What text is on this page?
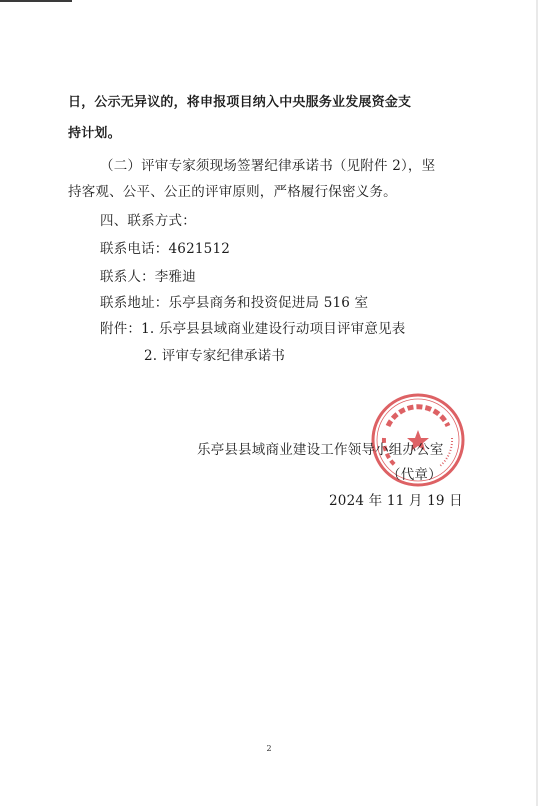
日，公示无异议的，将申报项目纳入中央服务业发展资金支
持计划。
（二）评审专家须现场签署纪律承诺书（见附件 2），坚
持客观、公平、公正的评审原则，严格履行保密义务。
四、联系方式：
联系电话：4621512
联系人：李雅迪
联系地址：乐亭县商务和投资促进局 516 室
附件：1. 乐亭县县域商业建设行动项目评审意见表
2. 评审专家纪律承诺书
乐亭县县域商业建设工作领导小组办公室
（代章）
2024 年 11 月 19 日
2
